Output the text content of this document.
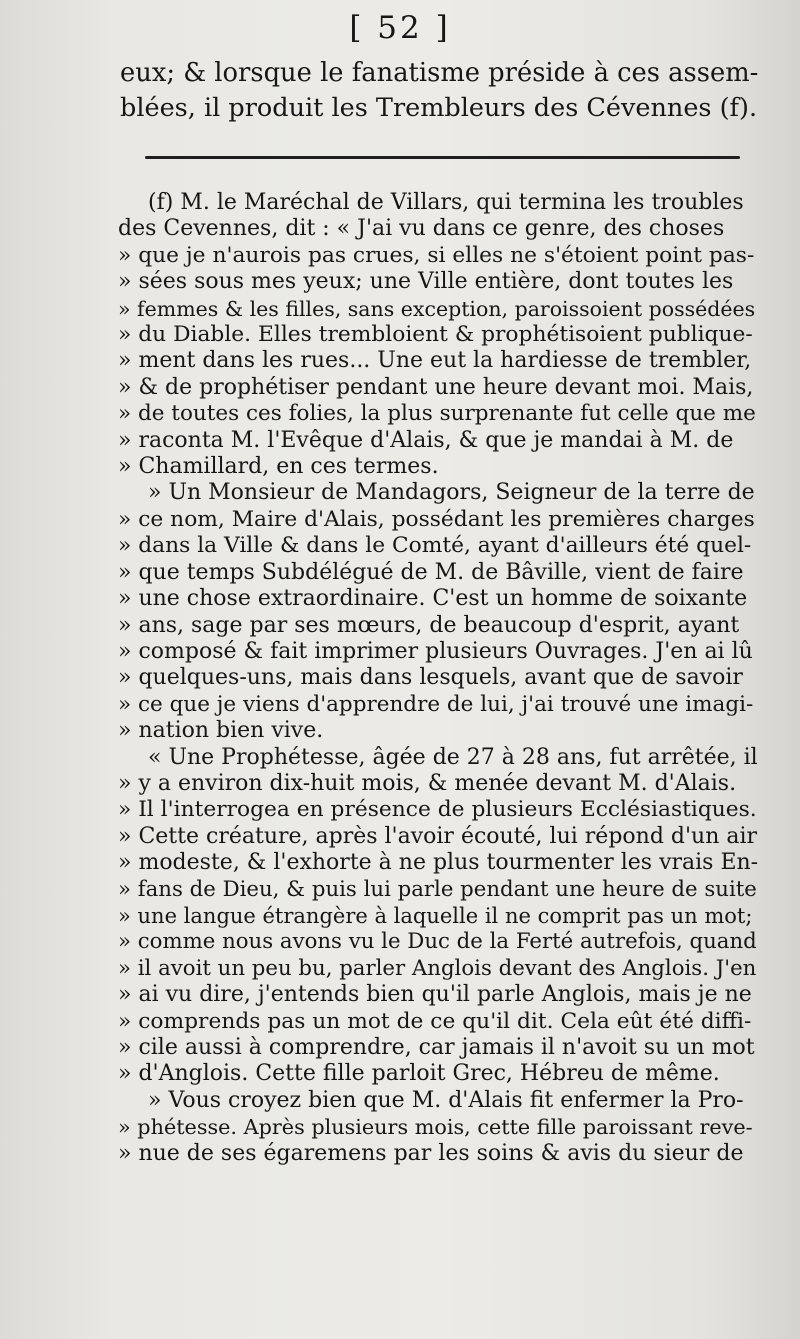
[ 52 ]
eux; & lorsque le fanatisme préside à ces assem-
blées, il produit les Trembleurs des Cévennes (f).
(f) M. le Maréchal de Villars, qui termina les troubles
des Cevennes, dit : « J'ai vu dans ce genre, des choses
» que je n'aurois pas crues, si elles ne s'étoient point pas-
» sées sous mes yeux; une Ville entière, dont toutes les
» femmes & les filles, sans exception, paroissoient possédées
» du Diable. Elles trembloient & prophétisoient publique-
» ment dans les rues... Une eut la hardiesse de trembler,
» & de prophétiser pendant une heure devant moi. Mais,
» de toutes ces folies, la plus surprenante fut celle que me
» raconta M. l'Evêque d'Alais, & que je mandai à M. de
» Chamillard, en ces termes.
» Un Monsieur de Mandagors, Seigneur de la terre de
» ce nom, Maire d'Alais, possédant les premières charges
» dans la Ville & dans le Comté, ayant d'ailleurs été quel-
» que temps Subdélégué de M. de Bâville, vient de faire
» une chose extraordinaire. C'est un homme de soixante
» ans, sage par ses mœurs, de beaucoup d'esprit, ayant
» composé & fait imprimer plusieurs Ouvrages. J'en ai lû
» quelques-uns, mais dans lesquels, avant que de savoir
» ce que je viens d'apprendre de lui, j'ai trouvé une imagi-
» nation bien vive.
« Une Prophétesse, âgée de 27 à 28 ans, fut arrêtée, il
» y a environ dix-huit mois, & menée devant M. d'Alais.
» Il l'interrogea en présence de plusieurs Ecclésiastiques.
» Cette créature, après l'avoir écouté, lui répond d'un air
» modeste, & l'exhorte à ne plus tourmenter les vrais En-
» fans de Dieu, & puis lui parle pendant une heure de suite
» une langue étrangère à laquelle il ne comprit pas un mot;
» comme nous avons vu le Duc de la Ferté autrefois, quand
» il avoit un peu bu, parler Anglois devant des Anglois. J'en
» ai vu dire, j'entends bien qu'il parle Anglois, mais je ne
» comprends pas un mot de ce qu'il dit. Cela eût été diffi-
» cile aussi à comprendre, car jamais il n'avoit su un mot
» d'Anglois. Cette fille parloit Grec, Hébreu de même.
» Vous croyez bien que M. d'Alais fit enfermer la Pro-
» phétesse. Après plusieurs mois, cette fille paroissant reve-
» nue de ses égaremens par les soins & avis du sieur de
